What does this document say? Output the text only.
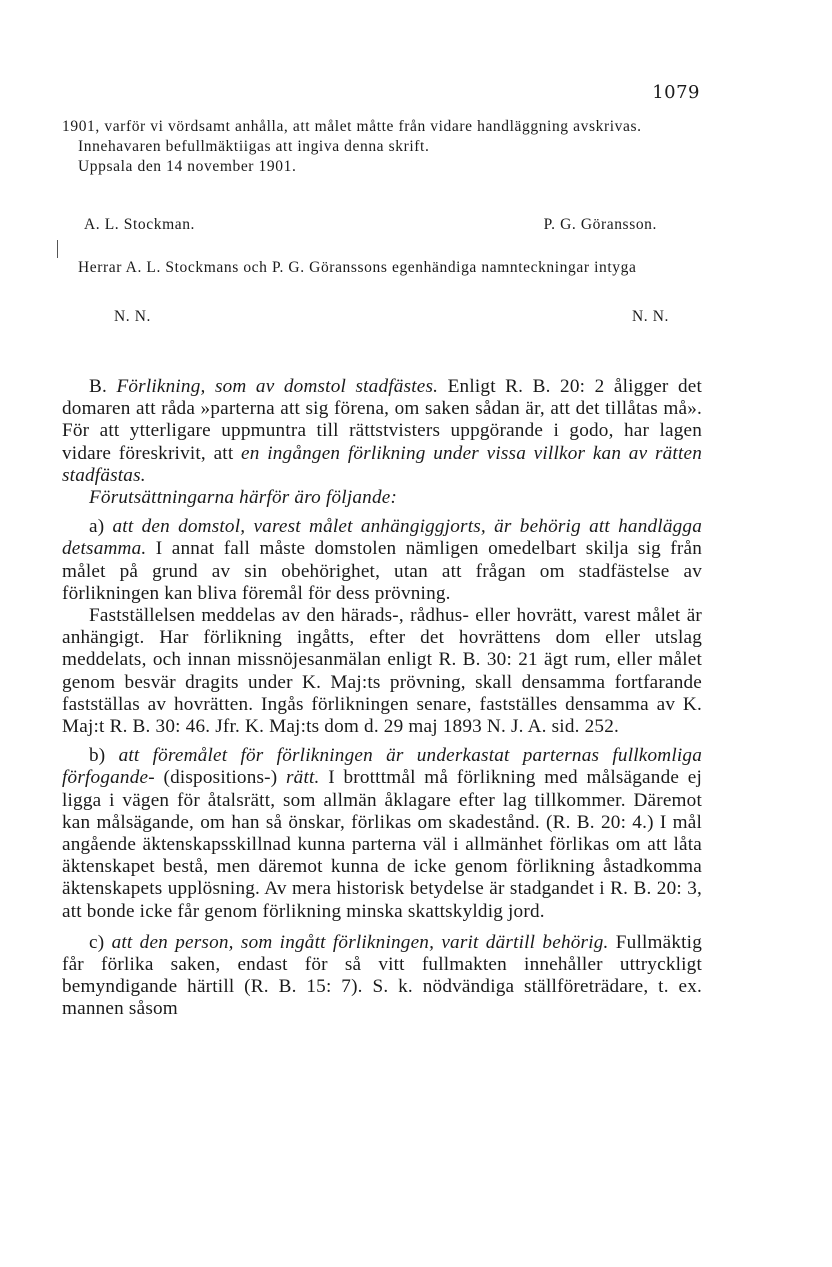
1079

1901, varför vi vördsamt anhålla, att målet måtte från vidare handläggning avskrivas.

Innehavaren befullmäktiigas att ingiva denna skrift.

Uppsala den 14 november 1901.

A. L. Stockman.	P. G. Göransson.

Herrar A. L. Stockmans och P. G. Göranssons egenhändiga namnteckningar intyga

N. N.	N. N.

B. Förlikning, som av domstol stadfästes. Enligt R. B. 20: 2 åligger det domaren att råda »parterna att sig förena, om saken sådan är, att det tillåtas må». För att ytterligare uppmuntra till rättstvisters uppgörande i godo, har lagen vidare föreskrivit, att en ingången förlikning under vissa villkor kan av rätten stadfästas.

Förutsättningarna härför äro följande:

a) att den domstol, varest målet anhängiggjorts, är behörig att handlägga detsamma. I annat fall måste domstolen nämligen omedelbart skilja sig från målet på grund av sin obehörighet, utan att frågan om stadfästelse av förlikningen kan bliva föremål för dess prövning.

Fastställelsen meddelas av den härads-, rådhus- eller hovrätt, varest målet är anhängigt. Har förlikning ingåtts, efter det hovrättens dom eller utslag meddelats, och innan missnöjesanmälan enligt R. B. 30: 21 ägt rum, eller målet genom besvär dragits under K. Maj:ts prövning, skall densamma fortfarande fastställas av hovrätten. Ingås förlikningen senare, fastställes densamma av K. Maj:t R. B. 30: 46. Jfr. K. Maj:ts dom d. 29 maj 1893 N. J. A. sid. 252.

b) att föremålet för förlikningen är underkastat parternas fullkomliga förfogande- (dispositions-) rätt. I brotttmål må förlikning med målsägande ej ligga i vägen för åtalsrätt, som allmän åklagare efter lag tillkommer. Däremot kan målsägande, om han så önskar, förlikas om skadestånd. (R. B. 20: 4.) I mål angående äktenskapsskillnad kunna parterna väl i allmänhet förlikas om att låta äktenskapet bestå, men däremot kunna de icke genom förlikning åstadkomma äktenskapets upplösning. Av mera historisk betydelse är stadgandet i R. B. 20: 3, att bonde icke får genom förlikning minska skattskyldig jord.

c) att den person, som ingått förlikningen, varit därtill behörig. Fullmäktig får förlika saken, endast för så vitt fullmakten innehåller uttryckligt bemyndigande härtill (R. B. 15: 7). S. k. nödvändiga ställföreträdare, t. ex. mannen såsom
